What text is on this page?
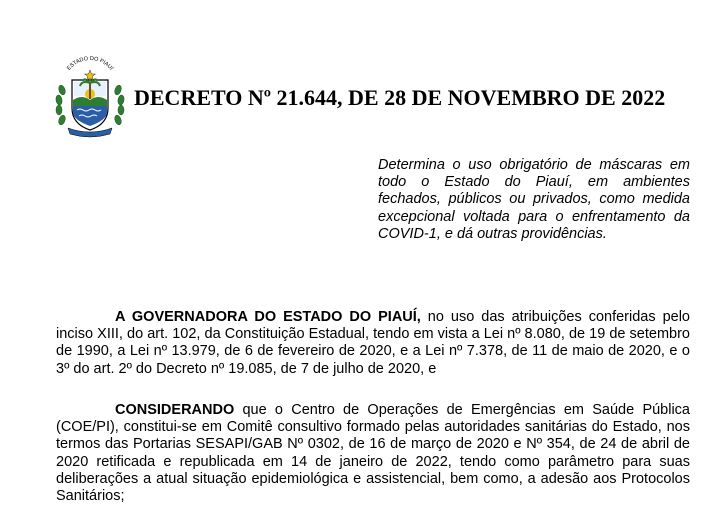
ESTADO DO PIAUÍ
DECRETO Nº 21.644, DE 28 DE NOVEMBRO DE 2022
Determina o uso obrigatório de máscaras em todo o Estado do Piauí, em ambientes fechados, públicos ou privados, como medida excepcional voltada para o enfrentamento da COVID-1, e dá outras providências.
A GOVERNADORA DO ESTADO DO PIAUÍ, no uso das atribuições conferidas pelo inciso XIII, do art. 102, da Constituição Estadual, tendo em vista a Lei nº 8.080, de 19 de setembro de 1990, a Lei nº 13.979, de 6 de fevereiro de 2020, e a Lei nº 7.378, de 11 de maio de 2020, e o 3º do art. 2º do Decreto nº 19.085, de 7 de julho de 2020, e
CONSIDERANDO que o Centro de Operações de Emergências em Saúde Pública (COE/PI), constitui-se em Comitê consultivo formado pelas autoridades sanitárias do Estado, nos termos das Portarias SESAPI/GAB Nº 0302, de 16 de março de 2020 e Nº 354, de 24 de abril de 2020 retificada e republicada em 14 de janeiro de 2022, tendo como parâmetro para suas deliberações a atual situação epidemiológica e assistencial, bem como, a adesão aos Protocolos Sanitários;
